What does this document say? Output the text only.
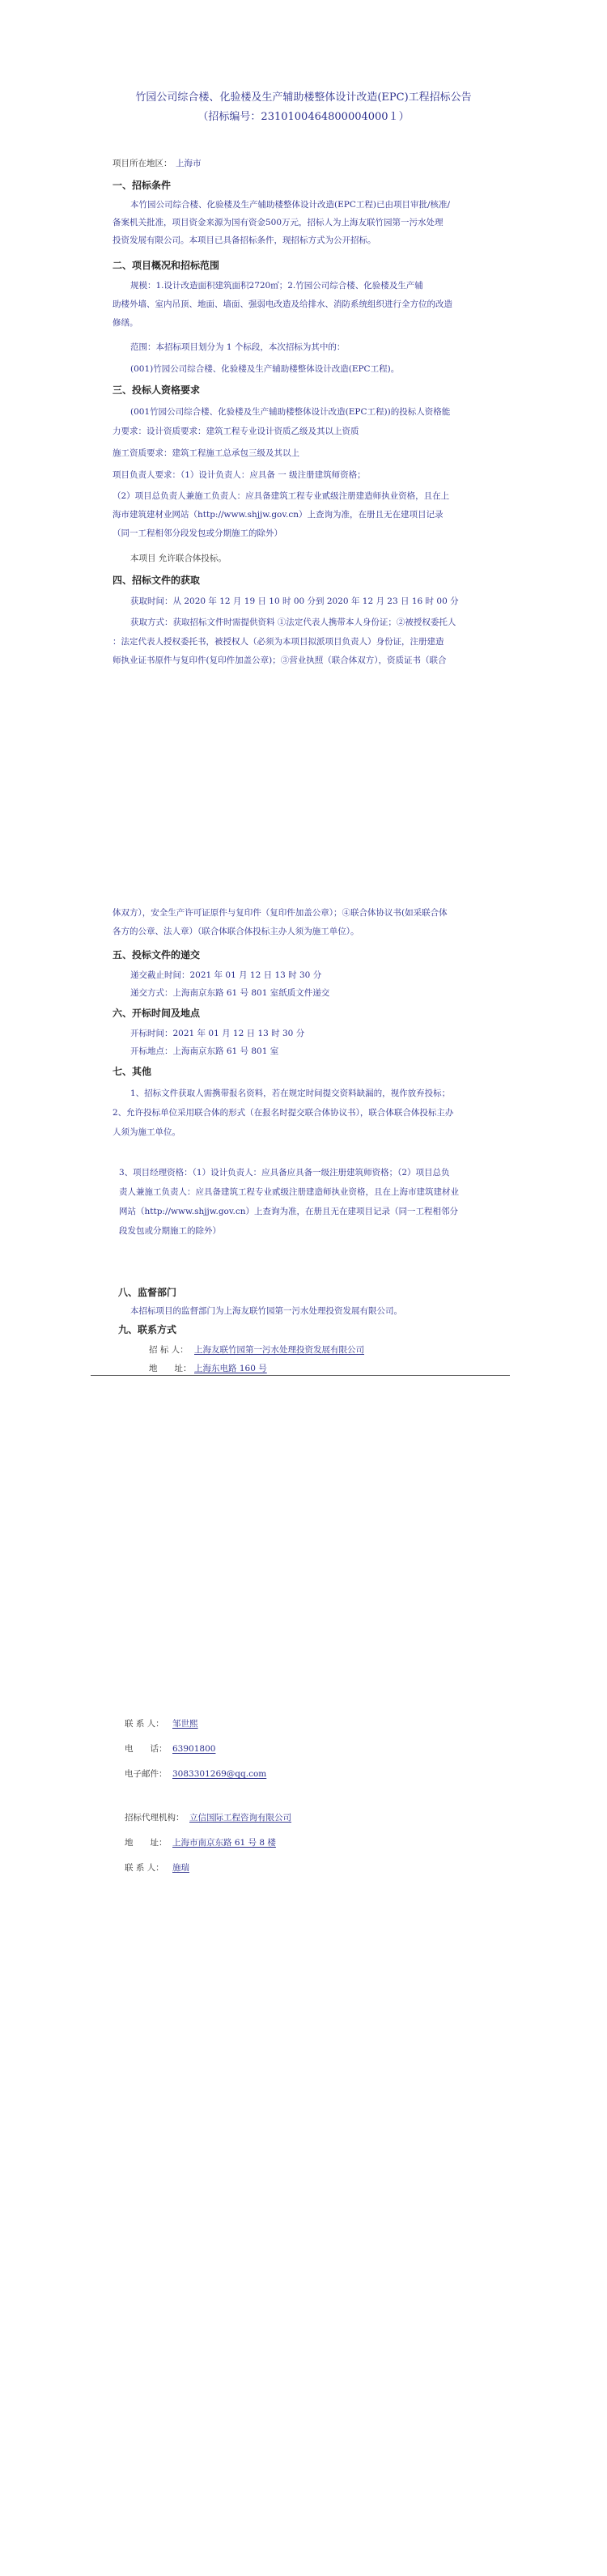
竹园公司综合楼、化验楼及生产辅助楼整体设计改造(EPC)工程招标公告
（招标编号：2310100464800004000１）
项目所在地区： 上海市
一、招标条件
本竹园公司综合楼、化验楼及生产辅助楼整体设计改造(EPC工程)已由项目审批/核准/
备案机关批准，项目资金来源为国有资金500万元，招标人为上海友联竹园第一污水处理
投资发展有限公司。本项目已具备招标条件，现招标方式为公开招标。
二、项目概况和招标范围
规模：1.设计改造面积建筑面积2720㎡；2.竹园公司综合楼、化验楼及生产辅
助楼外墙、室内吊顶、地面、墙面、强弱电改造及给排水、消防系统组织进行全方位的改造
修缮。
范围：本招标项目划分为 1 个标段，本次招标为其中的：
(001)竹园公司综合楼、化验楼及生产辅助楼整体设计改造(EPC工程)。
三、投标人资格要求
(001竹园公司综合楼、化验楼及生产辅助楼整体设计改造(EPC工程))的投标人资格能
力要求：设计资质要求：建筑工程专业设计资质乙级及其以上资质
施工资质要求：建筑工程施工总承包三级及其以上
项目负责人要求：（1）设计负责人：应具备 一 级注册建筑师资格；
（2）项目总负责人兼施工负责人：应具备建筑工程专业贰级注册建造师执业资格，且在上
海市建筑建材业网站（http://www.shjjw.gov.cn）上查询为准，在册且无在建项目记录
（同一工程相邻分段发包或分期施工的除外）
本项目 允许联合体投标。
四、招标文件的获取
获取时间：从 2020 年 12 月 19 日 10 时 00 分到 2020 年 12 月 23 日 16 时 00 分
获取方式：获取招标文件时需提供资料 ①法定代表人携带本人身份证；②被授权委托人
：法定代表人授权委托书，被授权人（必须为本项目拟派项目负责人）身份证，注册建造
师执业证书原件与复印件(复印件加盖公章)；③营业执照（联合体双方），资质证书（联合
体双方），安全生产许可证原件与复印件（复印件加盖公章）；④联合体协议书(如采联合体
各方的公章、法人章）（联合体联合体投标主办人须为施工单位）。
五、投标文件的递交
递交截止时间：2021 年 01 月 12 日 13 时 30 分
递交方式：上海南京东路 61 号 801 室纸质文件递交
六、开标时间及地点
开标时间：2021 年 01 月 12 日 13 时 30 分
开标地点：上海南京东路 61 号 801 室
七、其他
1、招标文件获取人需携带报名资料，若在规定时间提交资料缺漏的，视作放弃投标；
2、允许投标单位采用联合体的形式（在报名时提交联合体协议书），联合体联合体投标主办
人须为施工单位。
3、项目经理资格：（1）设计负责人：应具备应具备一级注册建筑师资格；（2）项目总负
责人兼施工负责人：应具备建筑工程专业贰级注册建造师执业资格，且在上海市建筑建材业
网站（http://www.shjjw.gov.cn）上查询为准，在册且无在建项目记录（同一工程相邻分
段发包或分期施工的除外）
八、监督部门
本招标项目的监督部门为上海友联竹园第一污水处理投资发展有限公司。
九、联系方式
招 标 人： 上海友联竹园第一污水处理投资发展有限公司
地　　址： 上海东电路 160 号
联 系 人： 邹世熙
电　　话： 63901800
电子邮件： 3083301269@qq.com
招标代理机构： 立信国际工程咨询有限公司
地　　址： 上海市南京东路 61 号 8 楼
联 系 人： 施瑞
